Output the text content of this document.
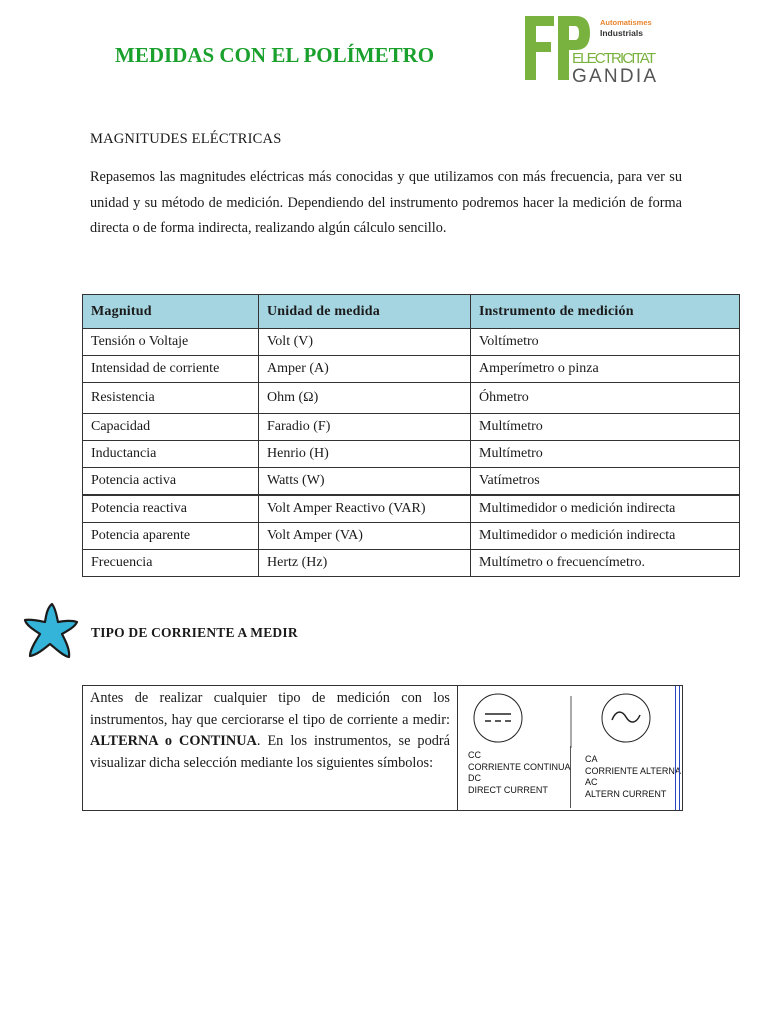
MEDIDAS CON EL POLÍMETRO
Automatismes
Industrials
ELECTRICITAT
GANDIA
MAGNITUDES ELÉCTRICAS

Repasemos las magnitudes eléctricas más conocidas y que utilizamos con más frecuencia, para ver su unidad y su método de medición. Dependiendo del instrumento podremos hacer la medición de forma directa o de forma indirecta, realizando algún cálculo sencillo.

Magnitud	Unidad de medida	Instrumento de medición
Tensión o Voltaje	Volt (V)	Voltímetro
Intensidad de corriente	Amper (A)	Amperímetro o pinza
Resistencia	Ohm (Ω)	Óhmetro
Capacidad	Faradio (F)	Multímetro
Inductancia	Henrio (H)	Multímetro
Potencia activa	Watts (W)	Vatímetros
Potencia reactiva	Volt Amper Reactivo (VAR)	Multimedidor o medición indirecta
Potencia aparente	Volt Amper (VA)	Multimedidor o medición indirecta
Frecuencia	Hertz (Hz)	Multímetro o frecuencímetro.
TIPO DE CORRIENTE A MEDIR
Antes de realizar cualquier tipo de medición con los instrumentos, hay que cerciorarse el tipo de corriente a medir: ALTERNA o CONTINUA. En los instrumentos, se podrá visualizar dicha selección mediante los siguientes símbolos:	CC
CORRIENTE CONTINUA
DC
DIRECT CURRENT
CA
CORRIENTE ALTERNA
AC
ALTERN CURRENT
